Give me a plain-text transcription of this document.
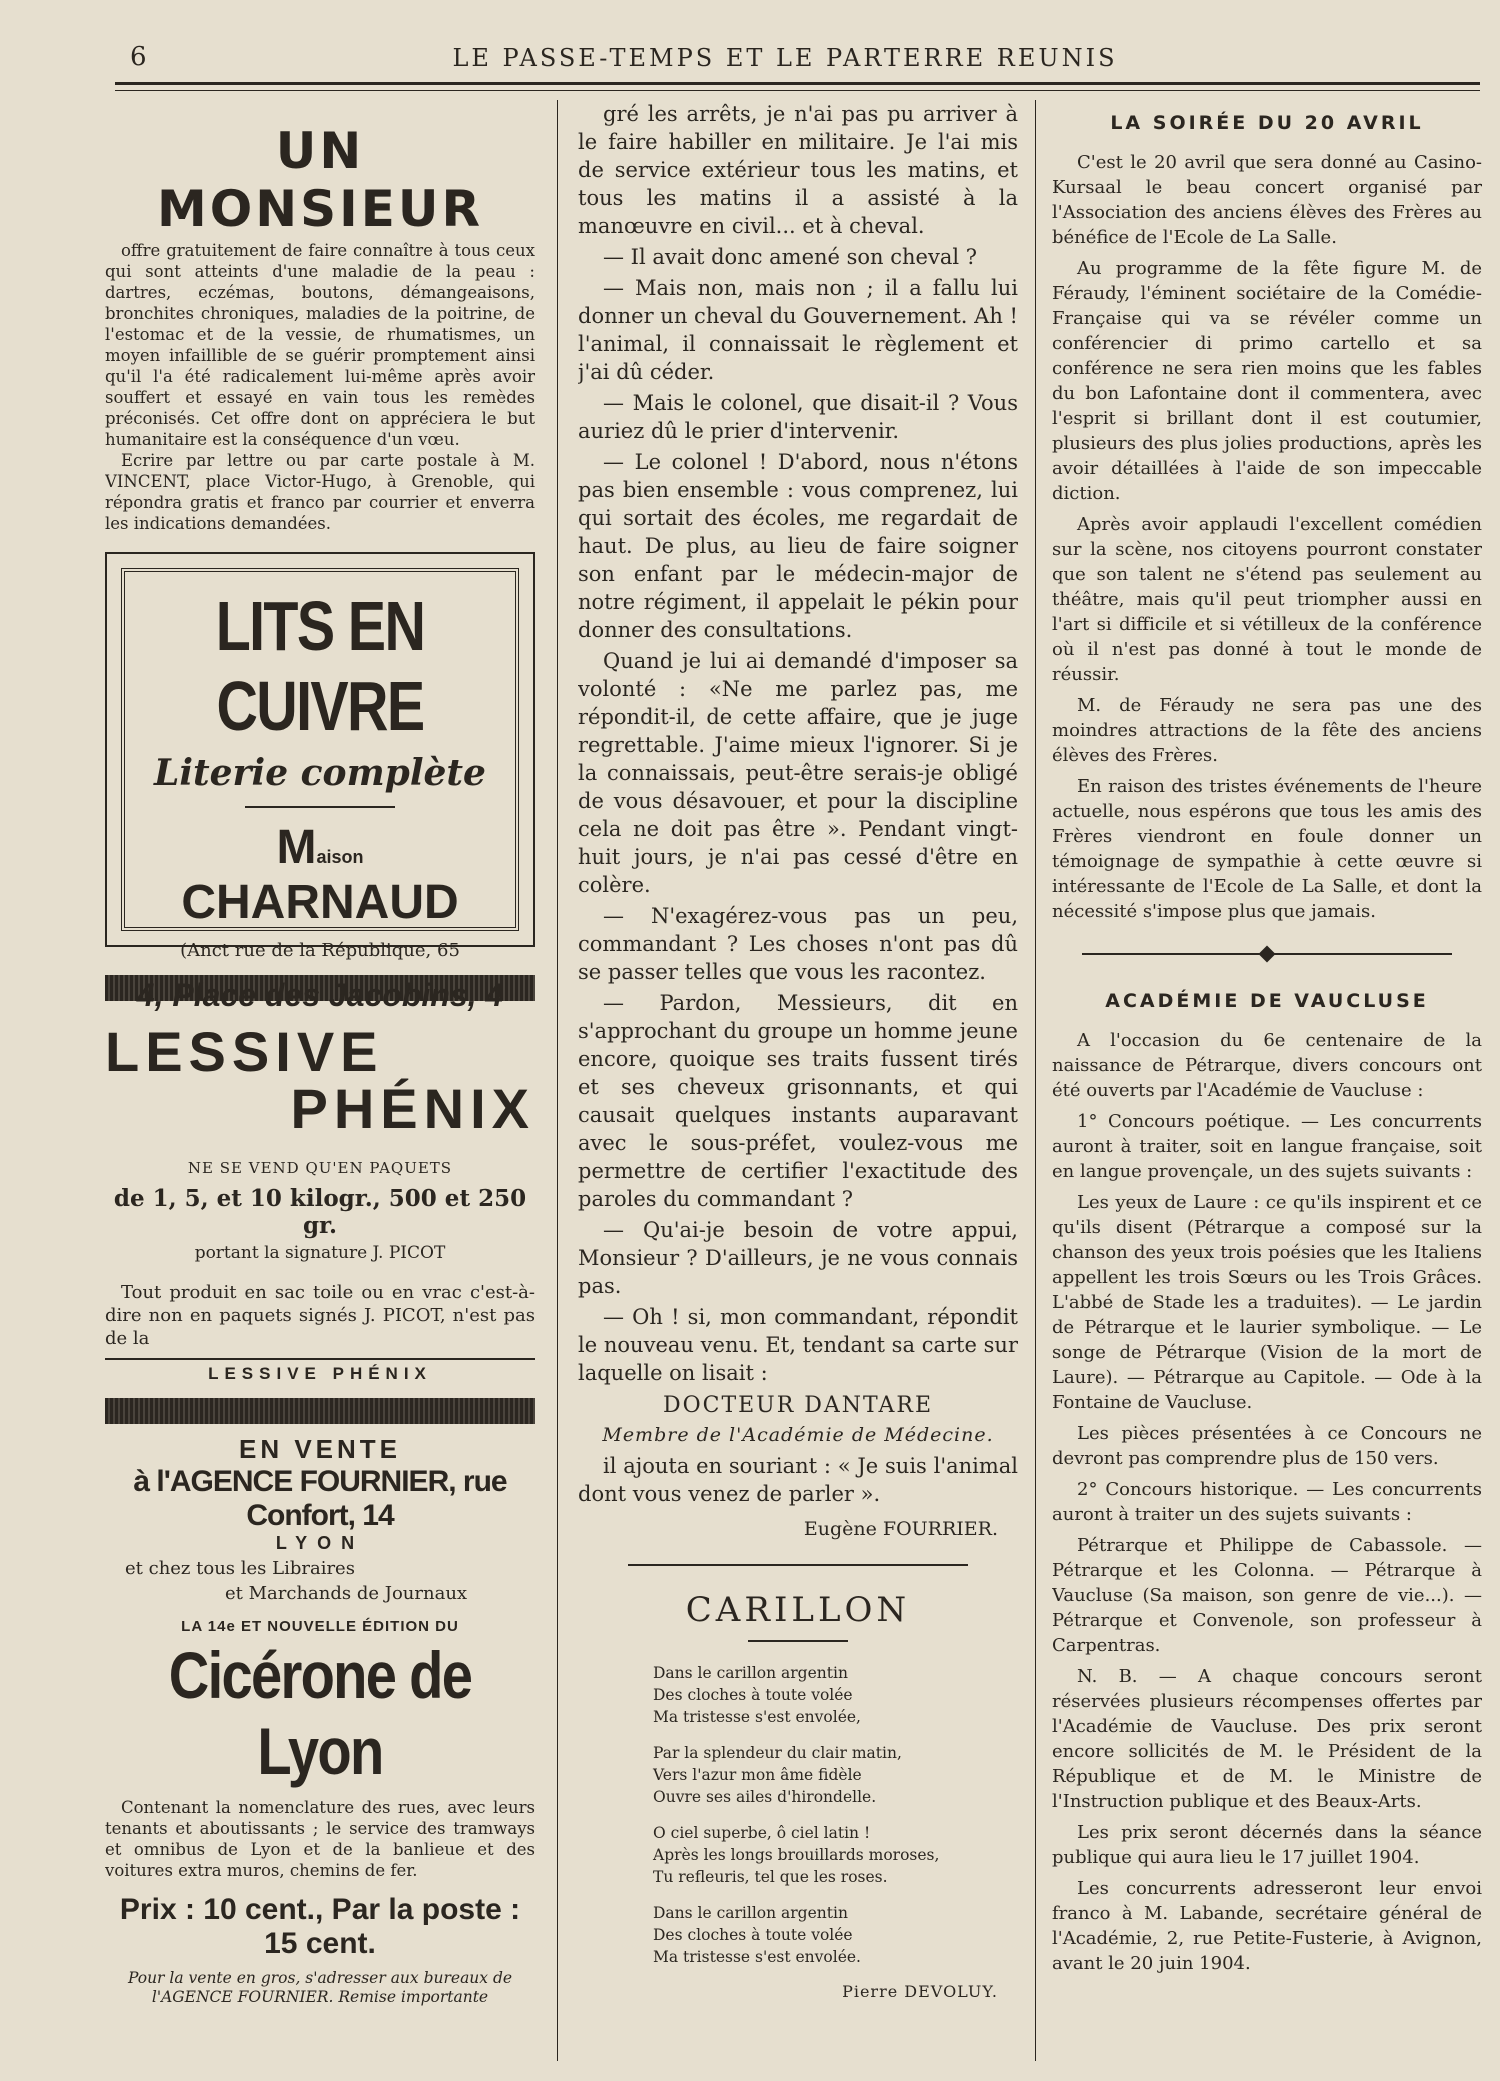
6	LE PASSE-TEMPS ET LE PARTERRE REUNIS
UN MONSIEUR

offre gratuitement de faire connaître à tous ceux qui sont atteints d'une maladie de la peau : dartres, eczémas, boutons, démangeaisons, bronchites chroniques, maladies de la poitrine, de l'estomac et de la vessie, de rhumatismes, un moyen infaillible de se guérir promptement ainsi qu'il l'a été radicalement lui-même après avoir souffert et essayé en vain tous les remèdes préconisés. Cet offre dont on appréciera le but humanitaire est la conséquence d'un vœu.

Ecrire par lettre ou par carte postale à M. VINCENT, place Victor-Hugo, à Grenoble, qui répondra gratis et franco par courrier et enverra les indications demandées.

LITS EN CUIVRE
Literie complète
Maison CHARNAUD
(Anct rue de la République, 65
4, Place des Jacobins, 4
LESSIVE
PHÉNIX
NE SE VEND QU'EN PAQUETS
de 1, 5, et 10 kilogr., 500 et 250 gr.
portant la signature J. PICOT

Tout produit en sac toile ou en vrac c'est-à-dire non en paquets signés J. PICOT, n'est pas de la

LESSIVE PHÉNIX
EN VENTE
à l'AGENCE FOURNIER, rue Confort, 14
LYON
et chez tous les Libraires
et Marchands de Journaux
LA 14e ET NOUVELLE ÉDITION DU
Cicérone de Lyon

Contenant la nomenclature des rues, avec leurs tenants et aboutissants ; le service des tramways et omnibus de Lyon et de la banlieue et des voitures extra muros, chemins de fer.

Prix : 10 cent., Par la poste : 15 cent.
Pour la vente en gros, s'adresser aux bureaux de l'AGENCE FOURNIER. Remise importante

gré les arrêts, je n'ai pas pu arriver à le faire habiller en militaire. Je l'ai mis de service extérieur tous les matins, et tous les matins il a assisté à la manœuvre en civil... et à cheval.

— Il avait donc amené son cheval ?

— Mais non, mais non ; il a fallu lui donner un cheval du Gouvernement. Ah ! l'animal, il connaissait le règlement et j'ai dû céder.

— Mais le colonel, que disait-il ? Vous auriez dû le prier d'intervenir.

— Le colonel ! D'abord, nous n'étons pas bien ensemble : vous comprenez, lui qui sortait des écoles, me regardait de haut. De plus, au lieu de faire soigner son enfant par le médecin-major de notre régiment, il appelait le pékin pour donner des consultations.

Quand je lui ai demandé d'imposer sa volonté : «Ne me parlez pas, me répondit-il, de cette affaire, que je juge regrettable. J'aime mieux l'ignorer. Si je la connaissais, peut-être serais-je obligé de vous désavouer, et pour la discipline cela ne doit pas être ». Pendant vingt-huit jours, je n'ai pas cessé d'être en colère.

— N'exagérez-vous pas un peu, commandant ? Les choses n'ont pas dû se passer telles que vous les racontez.

— Pardon, Messieurs, dit en s'approchant du groupe un homme jeune encore, quoique ses traits fussent tirés et ses cheveux grisonnants, et qui causait quelques instants auparavant avec le sous-préfet, voulez-vous me permettre de certifier l'exactitude des paroles du commandant ?

— Qu'ai-je besoin de votre appui, Monsieur ? D'ailleurs, je ne vous connais pas.

— Oh ! si, mon commandant, répondit le nouveau venu. Et, tendant sa carte sur laquelle on lisait :

DOCTEUR DANTARE
Membre de l'Académie de Médecine.

il ajouta en souriant : « Je suis l'animal dont vous venez de parler ».

Eugène FOURRIER.
CARILLON
Dans le carillon argentin
Des cloches à toute volée
Ma tristesse s'est envolée,
Par la splendeur du clair matin,
Vers l'azur mon âme fidèle
Ouvre ses ailes d'hirondelle.
O ciel superbe, ô ciel latin !
Après les longs brouillards moroses,
Tu refleuris, tel que les roses.
Dans le carillon argentin
Des cloches à toute volée
Ma tristesse s'est envolée.
Pierre DEVOLUY.
LA SOIRÉE DU 20 AVRIL

C'est le 20 avril que sera donné au Casino-Kursaal le beau concert organisé par l'Association des anciens élèves des Frères au bénéfice de l'Ecole de La Salle.

Au programme de la fête figure M. de Féraudy, l'éminent sociétaire de la Comédie-Française qui va se révéler comme un conférencier di primo cartello et sa conférence ne sera rien moins que les fables du bon Lafontaine dont il commentera, avec l'esprit si brillant dont il est coutumier, plusieurs des plus jolies productions, après les avoir détaillées à l'aide de son impeccable diction.

Après avoir applaudi l'excellent comédien sur la scène, nos citoyens pourront constater que son talent ne s'étend pas seulement au théâtre, mais qu'il peut triompher aussi en l'art si difficile et si vétilleux de la conférence où il n'est pas donné à tout le monde de réussir.

M. de Féraudy ne sera pas une des moindres attractions de la fête des anciens élèves des Frères.

En raison des tristes événements de l'heure actuelle, nous espérons que tous les amis des Frères viendront en foule donner un témoignage de sympathie à cette œuvre si intéressante de l'Ecole de La Salle, et dont la nécessité s'impose plus que jamais.

ACADÉMIE DE VAUCLUSE

A l'occasion du 6e centenaire de la naissance de Pétrarque, divers concours ont été ouverts par l'Académie de Vaucluse :

1° Concours poétique. — Les concurrents auront à traiter, soit en langue française, soit en langue provençale, un des sujets suivants :

Les yeux de Laure : ce qu'ils inspirent et ce qu'ils disent (Pétrarque a composé sur la chanson des yeux trois poésies que les Italiens appellent les trois Sœurs ou les Trois Grâces. L'abbé de Stade les a traduites). — Le jardin de Pétrarque et le laurier symbolique. — Le songe de Pétrarque (Vision de la mort de Laure). — Pétrarque au Capitole. — Ode à la Fontaine de Vaucluse.

Les pièces présentées à ce Concours ne devront pas comprendre plus de 150 vers.

2° Concours historique. — Les concurrents auront à traiter un des sujets suivants :

Pétrarque et Philippe de Cabassole. — Pétrarque et les Colonna. — Pétrarque à Vaucluse (Sa maison, son genre de vie...). — Pétrarque et Convenole, son professeur à Carpentras.

N. B. — A chaque concours seront réservées plusieurs récompenses offertes par l'Académie de Vaucluse. Des prix seront encore sollicités de M. le Président de la République et de M. le Ministre de l'Instruction publique et des Beaux-Arts.

Les prix seront décernés dans la séance publique qui aura lieu le 17 juillet 1904.

Les concurrents adresseront leur envoi franco à M. Labande, secrétaire général de l'Académie, 2, rue Petite-Fusterie, à Avignon, avant le 20 juin 1904.
